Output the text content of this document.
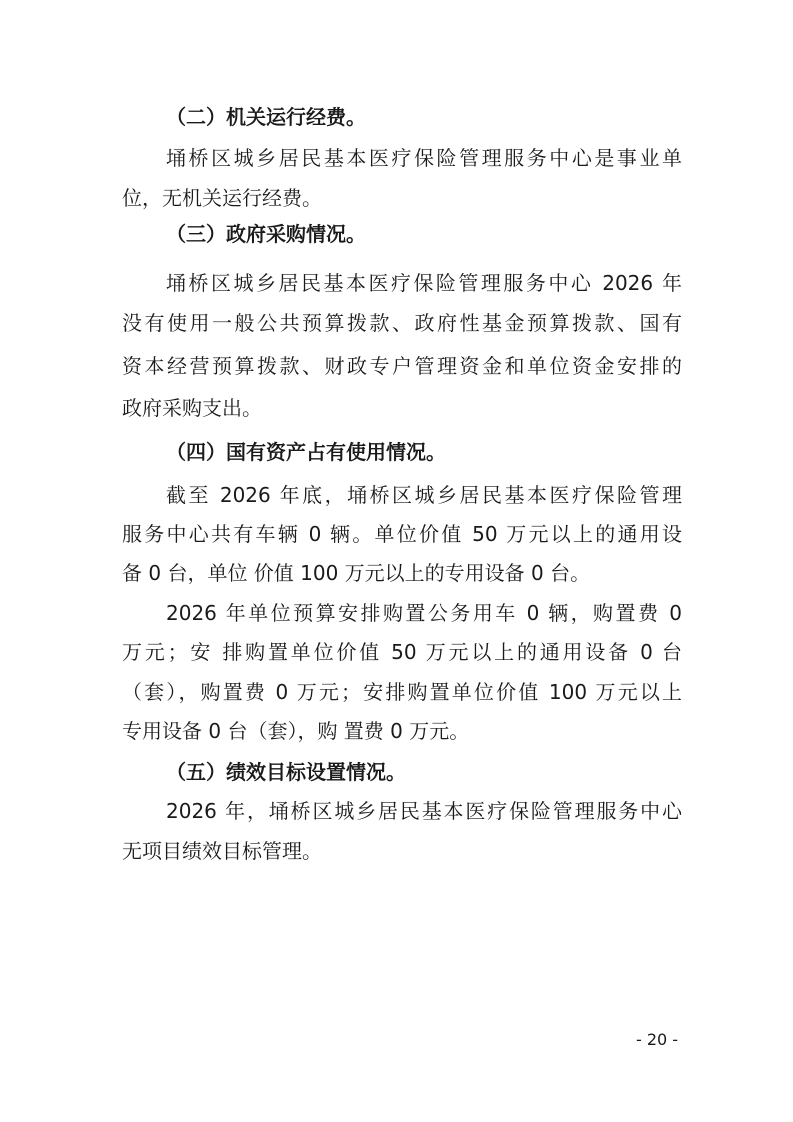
（二）机关运行经费。
埇桥区城乡居民基本医疗保险管理服务中心是事业单
位，无机关运行经费。
（三）政府采购情况。
埇桥区城乡居民基本医疗保险管理服务中心 2026 年
没有使用一般公共预算拨款、政府性基金预算拨款、国有
资本经营预算拨款、财政专户管理资金和单位资金安排的
政府采购支出。
（四）国有资产占有使用情况。
截至 2026 年底，埇桥区城乡居民基本医疗保险管理
服务中心共有车辆 0 辆。单位价值 50 万元以上的通用设
备 0 台，单位 价值 100 万元以上的专用设备 0 台。
2026 年单位预算安排购置公务用车 0 辆，购置费 0
万元；安 排购置单位价值 50 万元以上的通用设备 0 台
（套），购置费 0 万元；安排购置单位价值 100 万元以上
专用设备 0 台（套），购 置费 0 万元。
（五）绩效目标设置情况。
2026 年，埇桥区城乡居民基本医疗保险管理服务中心
无项目绩效目标管理。
- 20 -
